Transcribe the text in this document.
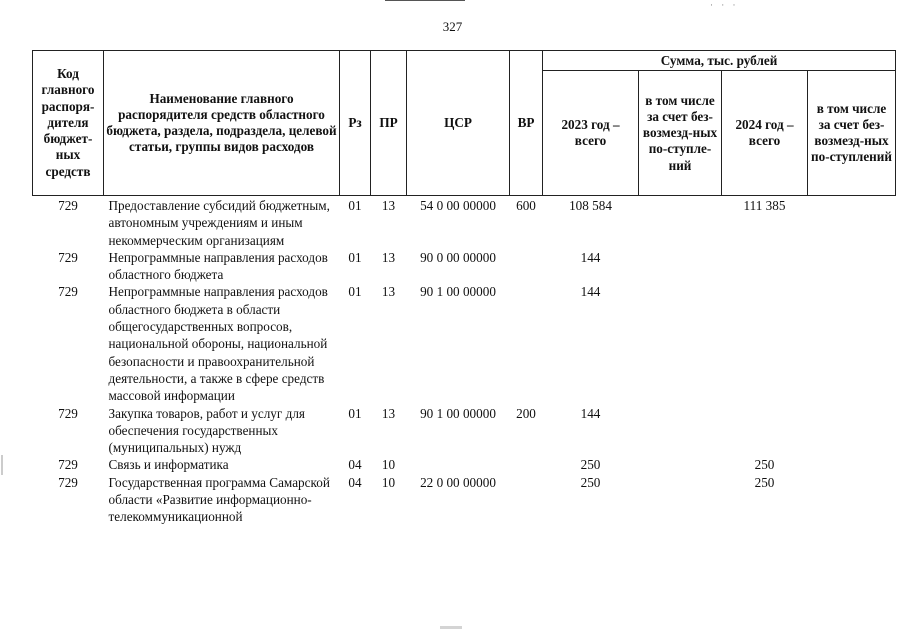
· · ·
327
Код главного распоря-дителя бюджет-ных средств	Наименование главного распорядителя средств областного бюджета, раздела, подраздела, целевой статьи, группы видов расходов	Рз	ПР	ЦСР	ВР	Сумма, тыс. рублей			
						2023 год – всего	в том числе за счет без-возмезд-ных по-ступле-ний	2024 год – всего	в том числе за счет без-возмезд-ных по-ступлений
729	Предоставление субсидий бюджетным, автономным учреждениям и иным некоммерческим организациям	01	13	54 0 00 00000	600	108 584		111 385	
729	Непрограммные направления расходов областного бюджета	01	13	90 0 00 00000		144			
729	Непрограммные направления расходов областного бюджета в области общегосударственных вопросов, национальной обороны, национальной безопасности и правоохранительной деятельности, а также в сфере средств массовой информации	01	13	90 1 00 00000		144			
729	Закупка товаров, работ и услуг для обеспечения государственных (муниципальных) нужд	01	13	90 1 00 00000	200	144			
729	Связь и информатика	04	10			250		250	
729	Государственная программа Самарской области «Развитие информационно-телекоммуникационной	04	10	22 0 00 00000		250		250	
